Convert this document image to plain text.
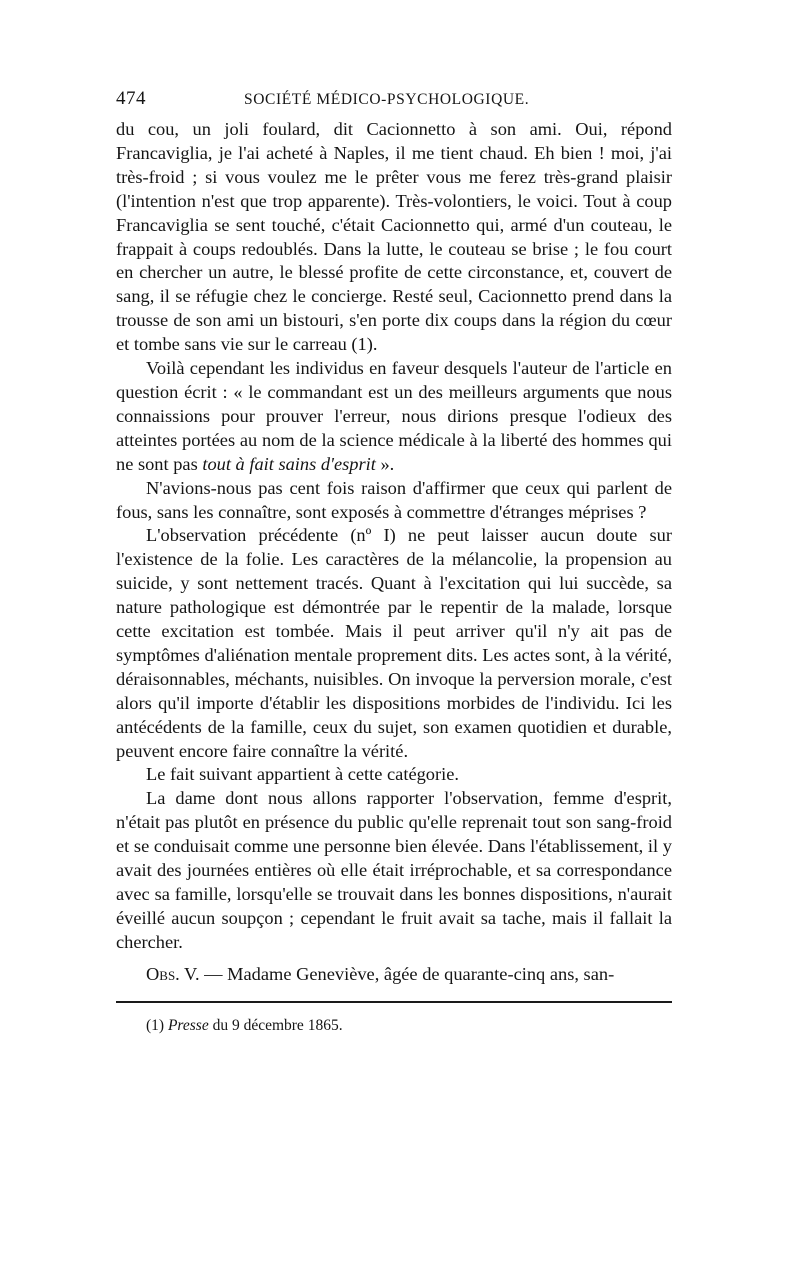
474	SOCIÉTÉ MÉDICO-PSYCHOLOGIQUE.

du cou, un joli foulard, dit Cacionnetto à son ami. Oui, répond Francaviglia, je l'ai acheté à Naples, il me tient chaud. Eh bien ! moi, j'ai très-froid ; si vous voulez me le prêter vous me ferez très-grand plaisir (l'intention n'est que trop apparente). Très-volontiers, le voici. Tout à coup Francaviglia se sent touché, c'était Cacionnetto qui, armé d'un couteau, le frappait à coups redoublés. Dans la lutte, le couteau se brise ; le fou court en chercher un autre, le blessé profite de cette circonstance, et, couvert de sang, il se réfugie chez le concierge. Resté seul, Cacionnetto prend dans la trousse de son ami un bistouri, s'en porte dix coups dans la région du cœur et tombe sans vie sur le carreau (1).

Voilà cependant les individus en faveur desquels l'auteur de l'article en question écrit : « le commandant est un des meilleurs arguments que nous connaissions pour prouver l'erreur, nous dirions presque l'odieux des atteintes portées au nom de la science médicale à la liberté des hommes qui ne sont pas tout à fait sains d'esprit ».

N'avions-nous pas cent fois raison d'affirmer que ceux qui parlent de fous, sans les connaître, sont exposés à commettre d'étranges méprises ?

L'observation précédente (nº I) ne peut laisser aucun doute sur l'existence de la folie. Les caractères de la mélancolie, la propension au suicide, y sont nettement tracés. Quant à l'excitation qui lui succède, sa nature pathologique est démontrée par le repentir de la malade, lorsque cette excitation est tombée. Mais il peut arriver qu'il n'y ait pas de symptômes d'aliénation mentale proprement dits. Les actes sont, à la vérité, déraisonnables, méchants, nuisibles. On invoque la perversion morale, c'est alors qu'il importe d'établir les dispositions morbides de l'individu. Ici les antécédents de la famille, ceux du sujet, son examen quotidien et durable, peuvent encore faire connaître la vérité.

Le fait suivant appartient à cette catégorie.

La dame dont nous allons rapporter l'observation, femme d'esprit, n'était pas plutôt en présence du public qu'elle reprenait tout son sang-froid et se conduisait comme une personne bien élevée. Dans l'établissement, il y avait des journées entières où elle était irréprochable, et sa correspondance avec sa famille, lorsqu'elle se trouvait dans les bonnes dispositions, n'aurait éveillé aucun soupçon ; cependant le fruit avait sa tache, mais il fallait la chercher.

Obs. V. — Madame Geneviève, âgée de quarante-cinq ans, san-

(1) Presse du 9 décembre 1865.
